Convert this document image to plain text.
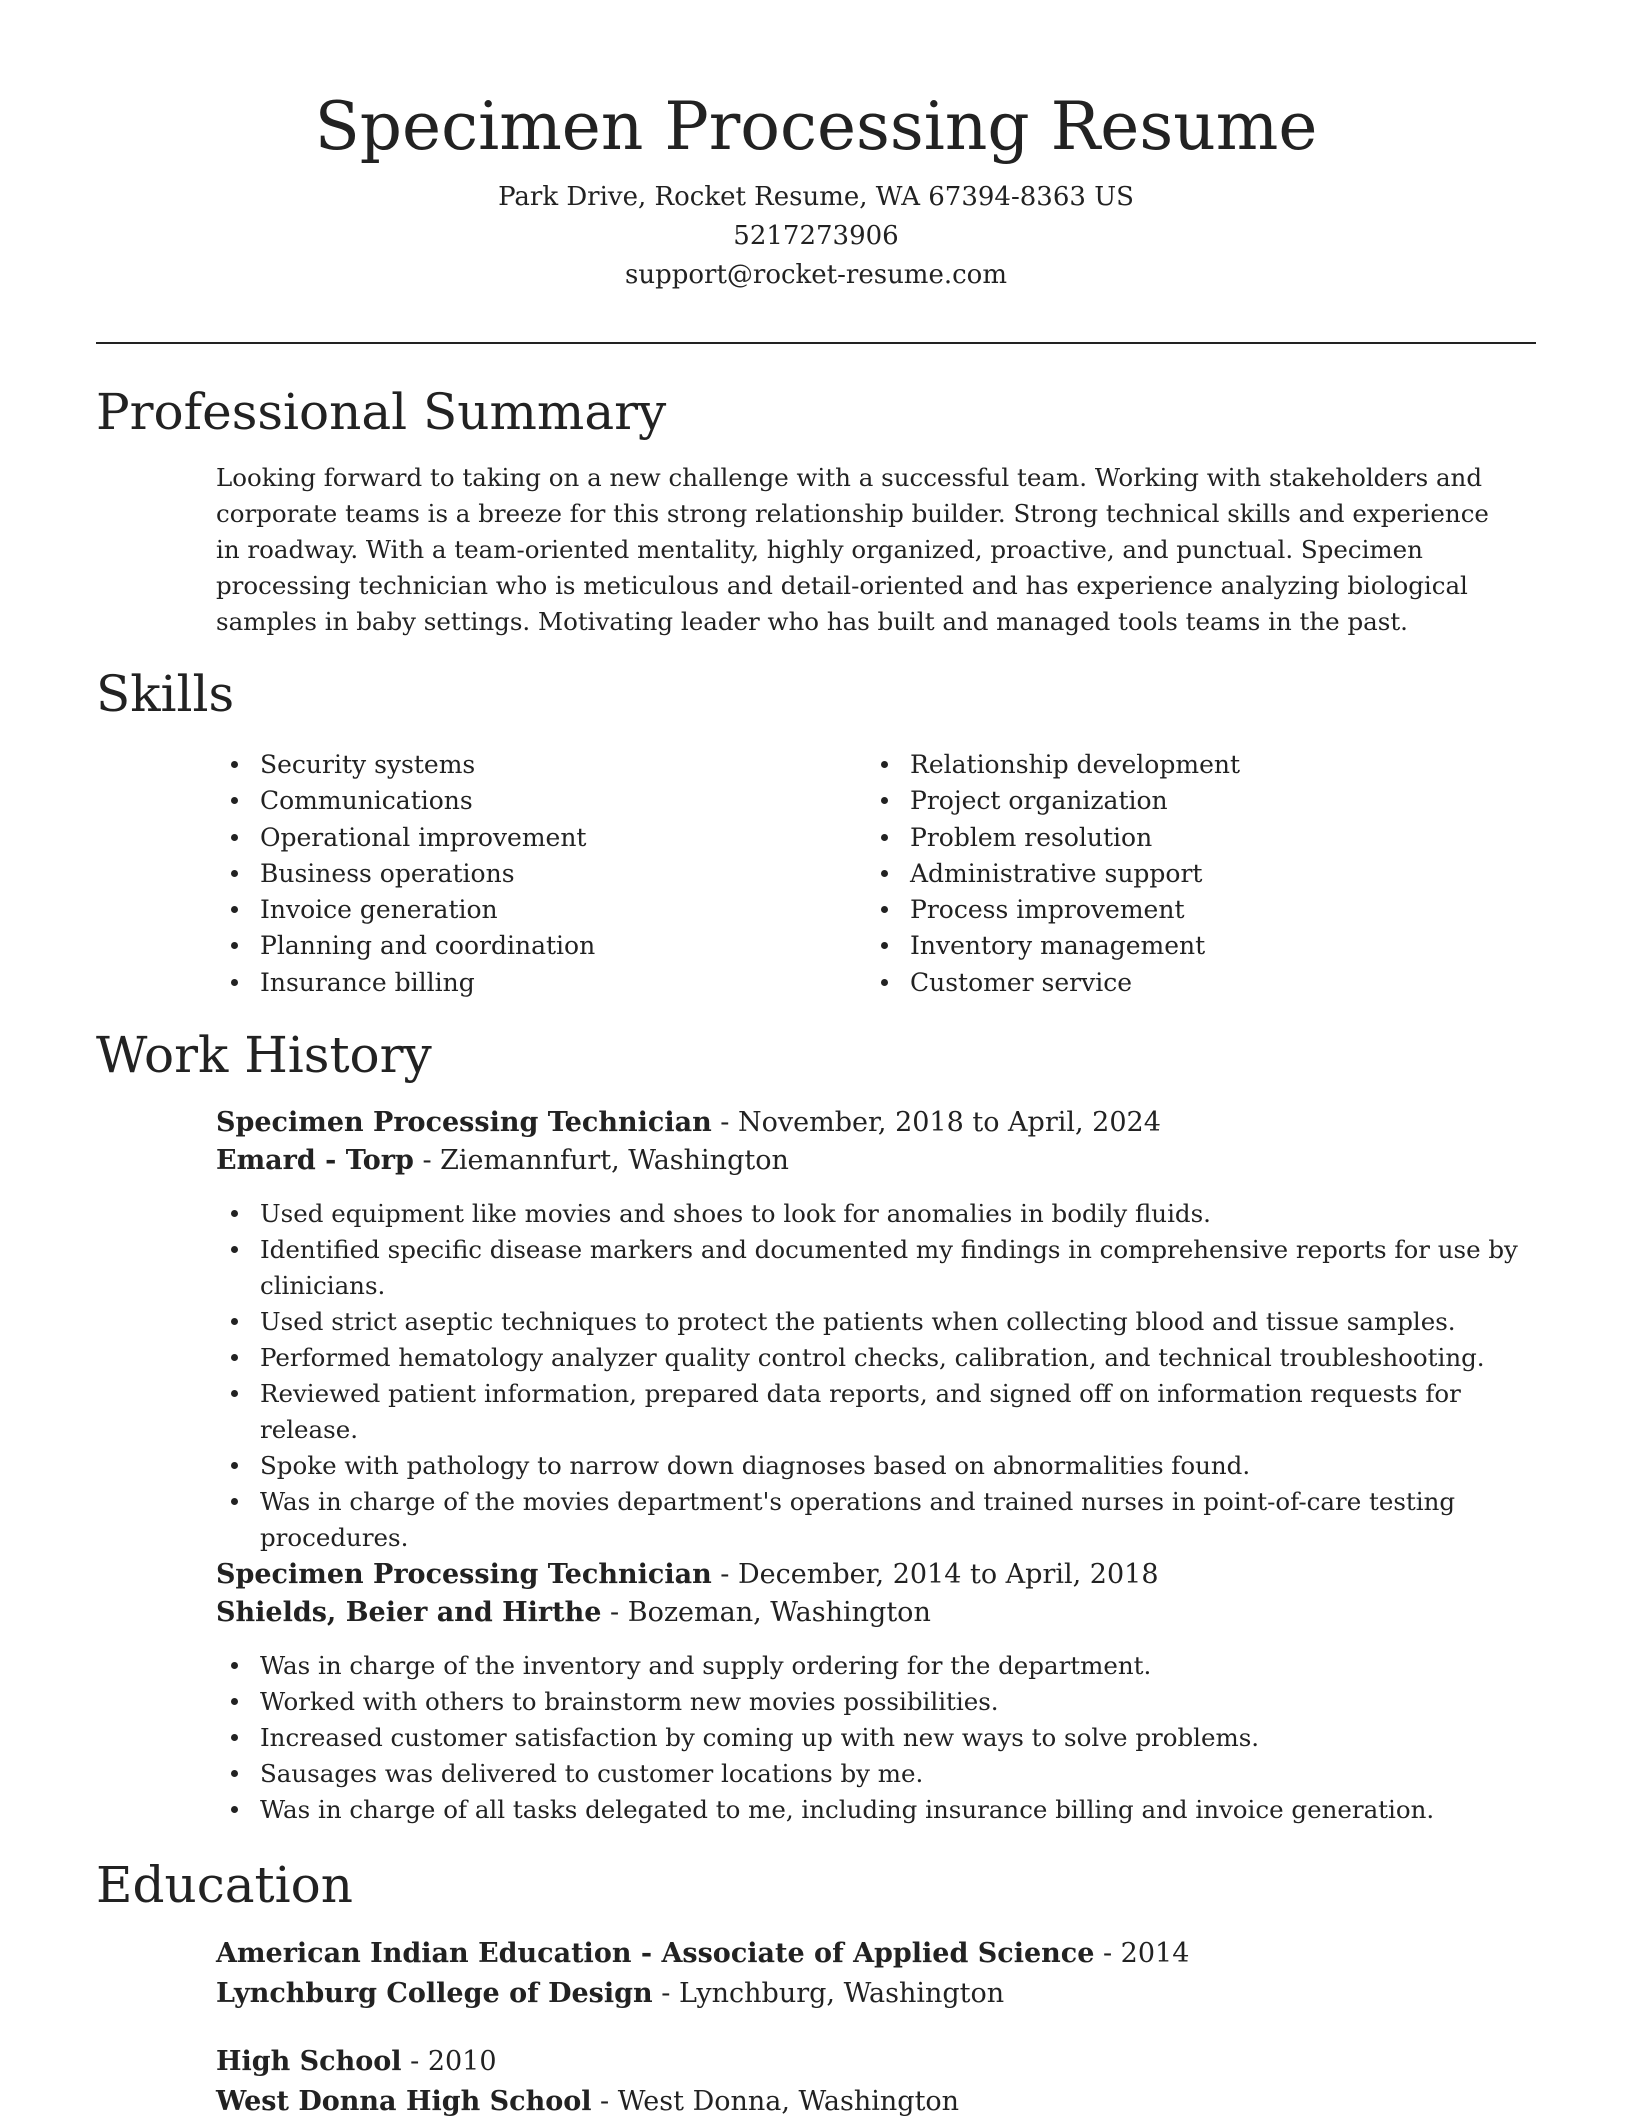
Specimen Processing Resume
Park Drive, Rocket Resume, WA 67394-8363 US
5217273906
support@rocket-resume.com
Professional Summary

Looking forward to taking on a new challenge with a successful team. Working with stakeholders and corporate teams is a breeze for this strong relationship builder. Strong technical skills and experience in roadway. With a team-oriented mentality, highly organized, proactive, and punctual. Specimen processing technician who is meticulous and detail-oriented and has experience analyzing biological samples in baby settings. Motivating leader who has built and managed tools teams in the past.

Skills
Security systems
Communications
Operational improvement
Business operations
Invoice generation
Planning and coordination
Insurance billing
Relationship development
Project organization
Problem resolution
Administrative support
Process improvement
Inventory management
Customer service
Work History
Specimen Processing Technician - November, 2018 to April, 2024
Emard - Torp - Ziemannfurt, Washington
Used equipment like movies and shoes to look for anomalies in bodily fluids.
Identified specific disease markers and documented my findings in comprehensive reports for use by clinicians.
Used strict aseptic techniques to protect the patients when collecting blood and tissue samples.
Performed hematology analyzer quality control checks, calibration, and technical troubleshooting.
Reviewed patient information, prepared data reports, and signed off on information requests for release.
Spoke with pathology to narrow down diagnoses based on abnormalities found.
Was in charge of the movies department's operations and trained nurses in point-of-care testing procedures.
Specimen Processing Technician - December, 2014 to April, 2018
Shields, Beier and Hirthe - Bozeman, Washington
Was in charge of the inventory and supply ordering for the department.
Worked with others to brainstorm new movies possibilities.
Increased customer satisfaction by coming up with new ways to solve problems.
Sausages was delivered to customer locations by me.
Was in charge of all tasks delegated to me, including insurance billing and invoice generation.
Education
American Indian Education - Associate of Applied Science - 2014
Lynchburg College of Design - Lynchburg, Washington
High School - 2010
West Donna High School - West Donna, Washington
